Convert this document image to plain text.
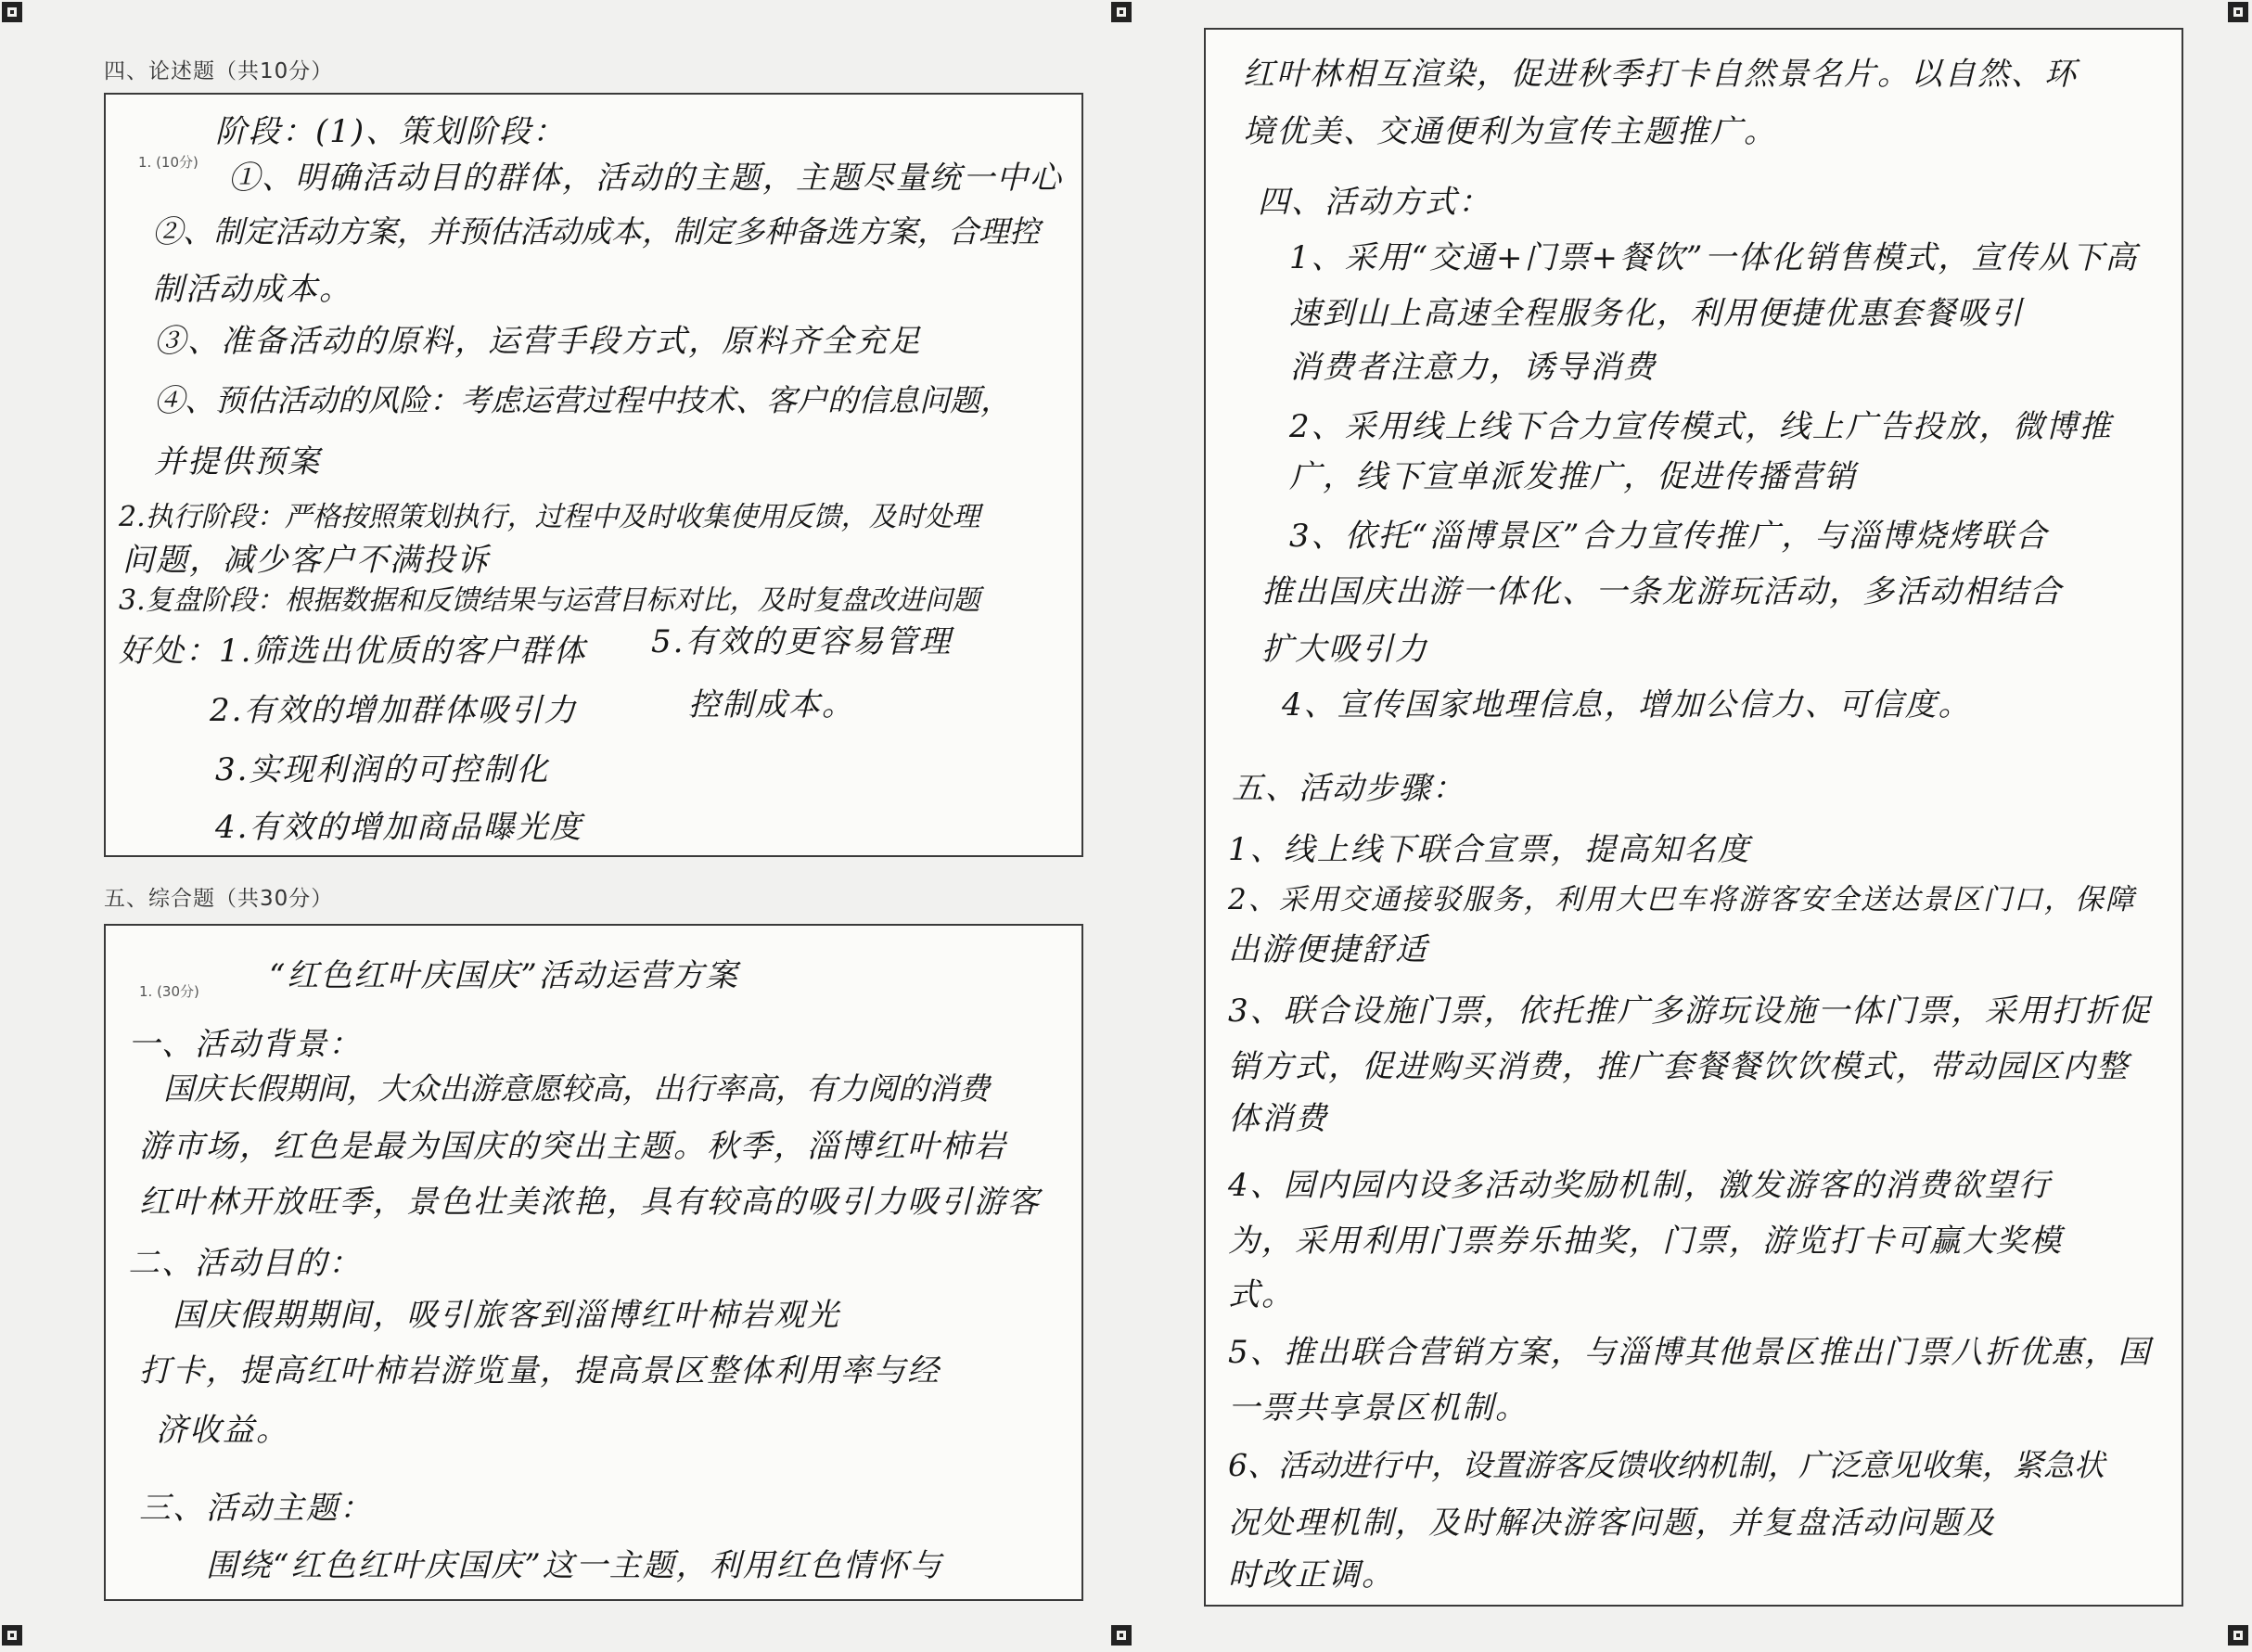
四、论述题（共10分）
1. (10分)
阶段：(1)、策划阶段：
①、明确活动目的群体，活动的主题，主题尽量统一中心
②、制定活动方案，并预估活动成本，制定多种备选方案，合理控
制活动成本。
③、准备活动的原料，运营手段方式，原料齐全充足
④、预估活动的风险：考虑运营过程中技术、客户的信息问题，
并提供预案
2.执行阶段：严格按照策划执行，过程中及时收集使用反馈，及时处理
问题，减少客户不满投诉
3.复盘阶段：根据数据和反馈结果与运营目标对比，及时复盘改进问题
好处：1.筛选出优质的客户群体 5.有效的更容易管理
2.有效的增加群体吸引力	控制成本。
3.实现利润的可控制化
4.有效的增加商品曝光度
五、综合题（共30分）
1. (30分) “红色红叶庆国庆”活动运营方案
一、活动背景：
国庆长假期间，大众出游意愿较高，出行率高，有力阅的消费
游市场，红色是最为国庆的突出主题。秋季，淄博红叶柿岩
红叶林开放旺季，景色壮美浓艳，具有较高的吸引力吸引游客
二、活动目的：
国庆假期期间，吸引旅客到淄博红叶柿岩观光
打卡，提高红叶柿岩游览量，提高景区整体利用率与经
济收益。
三、活动主题：
围绕“红色红叶庆国庆”这一主题，利用红色情怀与
红叶林相互渲染，促进秋季打卡自然景名片。以自然、环
境优美、交通便利为宣传主题推广。
四、活动方式：
1、采用“交通+门票+餐饮”一体化销售模式，宣传从下高
速到山上高速全程服务化，利用便捷优惠套餐吸引
消费者注意力，诱导消费
2、采用线上线下合力宣传模式，线上广告投放，微博推
广，线下宣单派发推广，促进传播营销
3、依托“淄博景区”合力宣传推广，与淄博烧烤联合
推出国庆出游一体化、一条龙游玩活动，多活动相结合
扩大吸引力
4、宣传国家地理信息，增加公信力、可信度。
五、活动步骤：
1、线上线下联合宣票，提高知名度
2、采用交通接驳服务，利用大巴车将游客安全送达景区门口，保障
出游便捷舒适
3、联合设施门票，依托推广多游玩设施一体门票，采用打折促
销方式，促进购买消费，推广套餐餐饮饮模式，带动园区内整
体消费
4、园内园内设多活动奖励机制，激发游客的消费欲望行
为，采用利用门票券乐抽奖，门票，游览打卡可赢大奖模
式。
5、推出联合营销方案，与淄博其他景区推出门票八折优惠，国
一票共享景区机制。
6、活动进行中，设置游客反馈收纳机制，广泛意见收集，紧急状
况处理机制，及时解决游客问题，并复盘活动问题及
时改正调。
